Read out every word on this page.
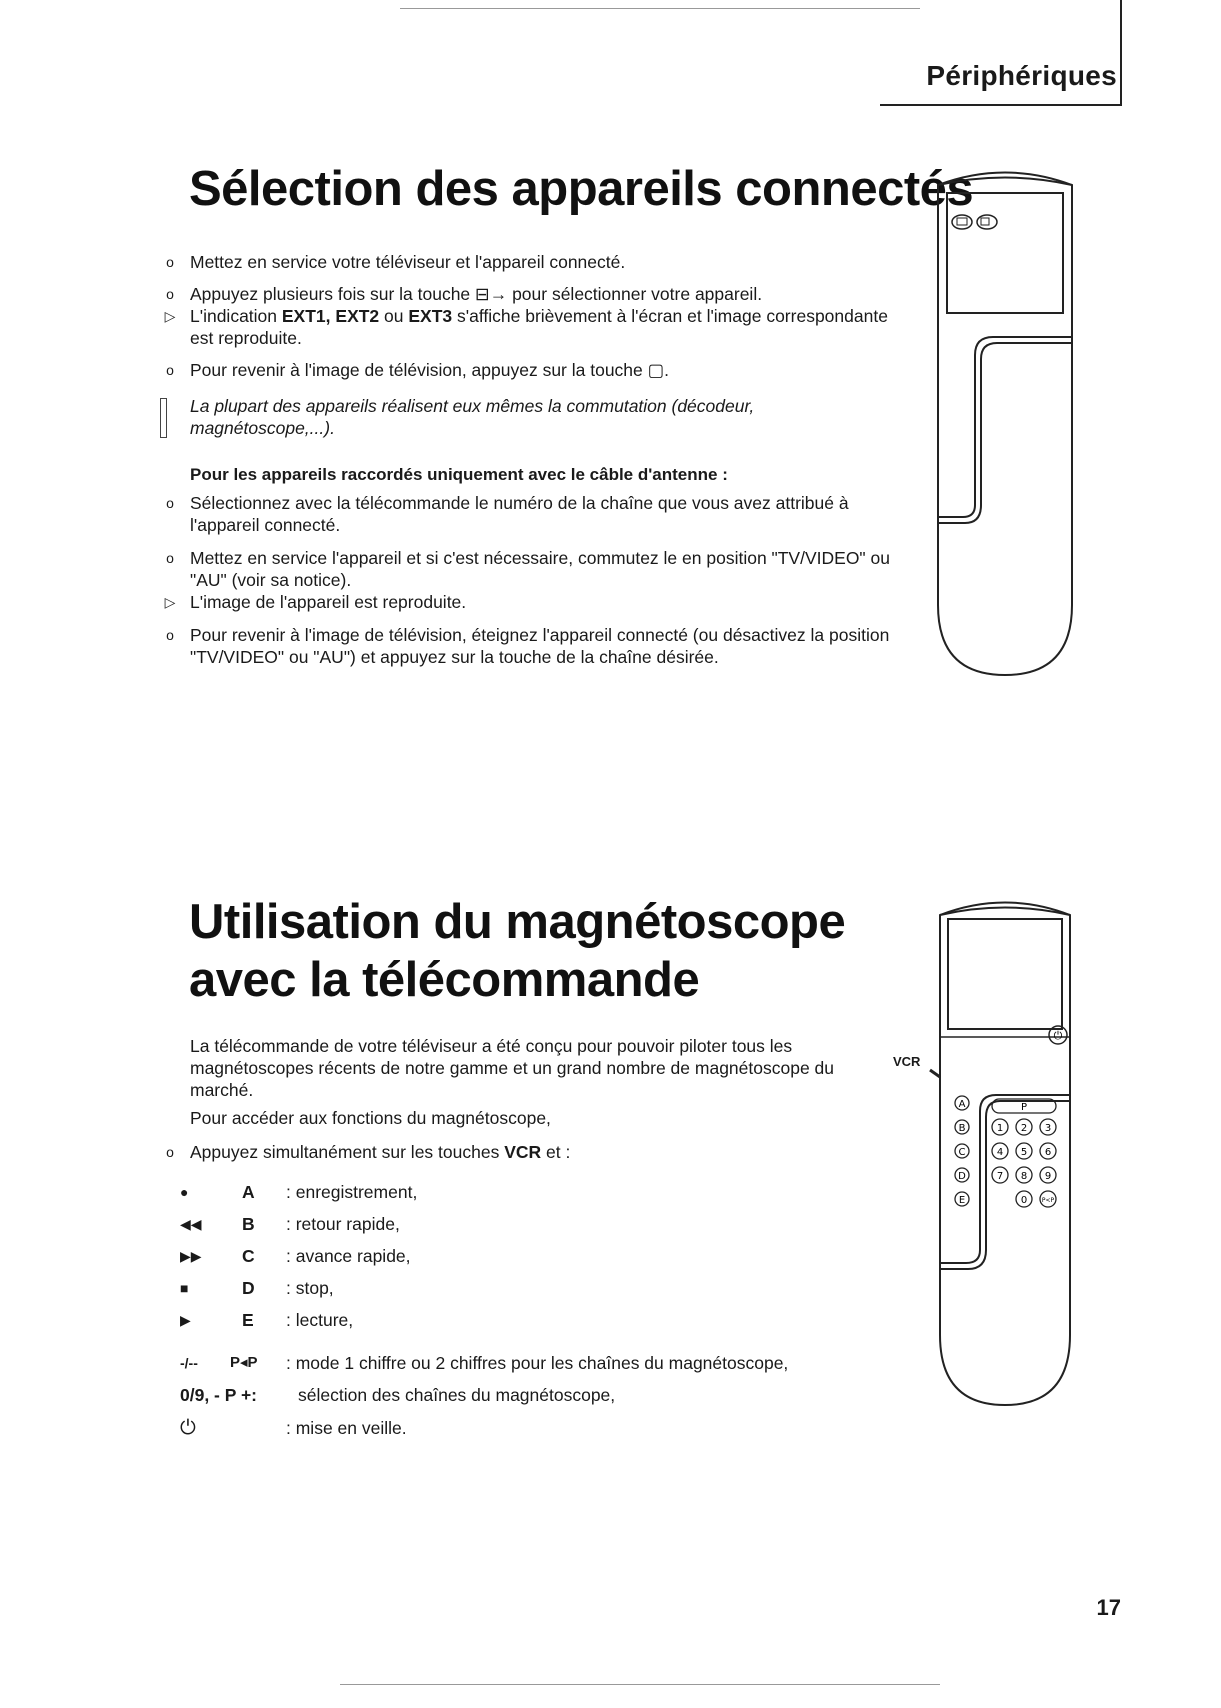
Périphériques
Sélection des appareils connectés
o Mettez en service votre téléviseur et l'appareil connecté.
o Appuyez plusieurs fois sur la touche ⊟→ pour sélectionner votre appareil.
▷ L'indication EXT1, EXT2 ou EXT3 s'affiche brièvement à l'écran et l'image correspondante est reproduite.
o Pour revenir à l'image de télévision, appuyez sur la touche ▢.
La plupart des appareils réalisent eux mêmes la commutation (décodeur, magnétoscope,...).
Pour les appareils raccordés uniquement avec le câble d'antenne :
o Sélectionnez avec la télécommande le numéro de la chaîne que vous avez attribué à l'appareil connecté.
o Mettez en service l'appareil et si c'est nécessaire, commutez le en position "TV/VIDEO" ou "AU" (voir sa notice).
▷ L'image de l'appareil est reproduite.
o Pour revenir à l'image de télévision, éteignez l'appareil connecté (ou désactivez la position "TV/VIDEO" ou "AU") et appuyez sur la touche de la chaîne désirée.
Utilisation du magnétoscope
avec la télécommande
La télécommande de votre téléviseur a été conçu pour pouvoir piloter tous les magnétoscopes récents de notre gamme et un grand nombre de magnétoscope du marché.
Pour accéder aux fonctions du magnétoscope,
o Appuyez simultanément sur les touches VCR et :
●	A	: enregistrement,
◀◀	B	: retour rapide,
▶▶	C	: avance rapide,
■	D	: stop,
▶	E	: lecture,
-/--	P◂P	: mode 1 chiffre ou 2 chiffres pour les chaînes du magnétoscope,
0/9, - P +:	sélection des chaînes du magnétoscope,
⏻	: mise en veille.
VCR
⏻
A
B
C
D
E
P
1 2 3
4 5 6
7 8 9
0 P<P
17
